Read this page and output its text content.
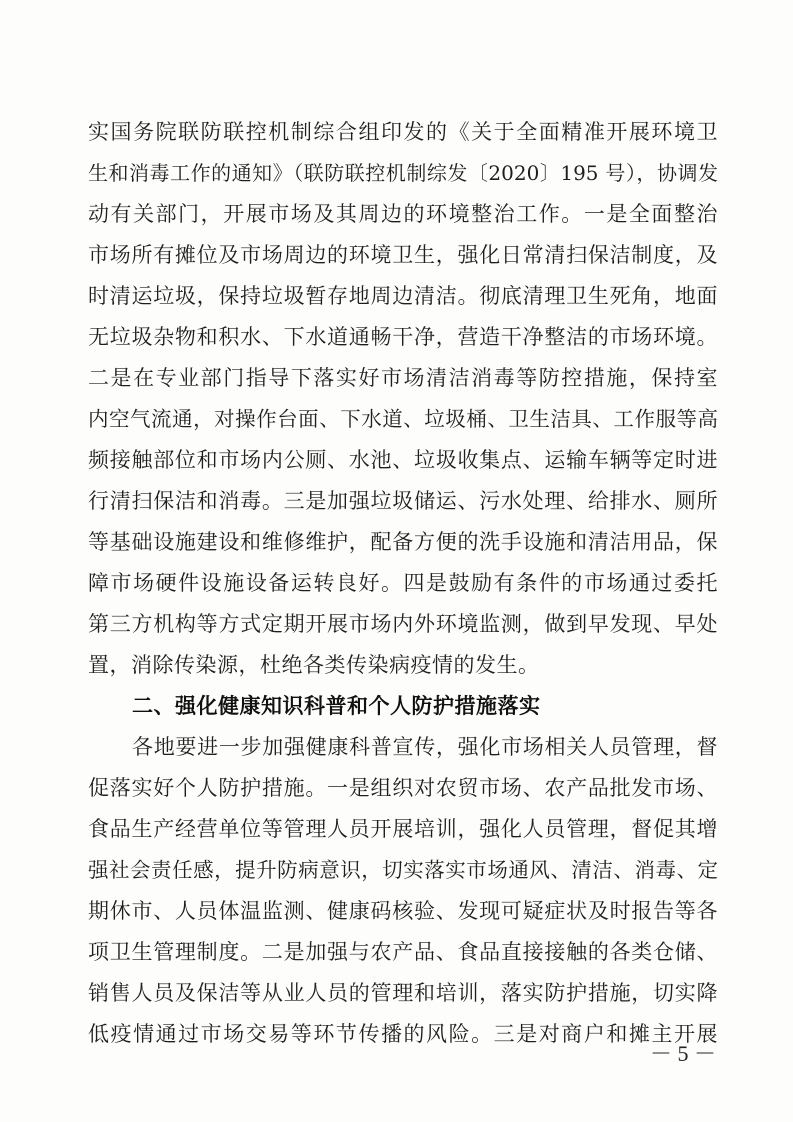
实国务院联防联控机制综合组印发的《关于全面精准开展环境卫
生和消毒工作的通知》（联防联控机制综发〔2020〕195 号），协调发
动有关部门，开展市场及其周边的环境整治工作。一是全面整治
市场所有摊位及市场周边的环境卫生，强化日常清扫保洁制度，及
时清运垃圾，保持垃圾暂存地周边清洁。彻底清理卫生死角，地面
无垃圾杂物和积水、下水道通畅干净，营造干净整洁的市场环境。
二是在专业部门指导下落实好市场清洁消毒等防控措施，保持室
内空气流通，对操作台面、下水道、垃圾桶、卫生洁具、工作服等高
频接触部位和市场内公厕、水池、垃圾收集点、运输车辆等定时进
行清扫保洁和消毒。三是加强垃圾储运、污水处理、给排水、厕所
等基础设施建设和维修维护，配备方便的洗手设施和清洁用品，保
障市场硬件设施设备运转良好。四是鼓励有条件的市场通过委托
第三方机构等方式定期开展市场内外环境监测，做到早发现、早处
置，消除传染源，杜绝各类传染病疫情的发生。
二、强化健康知识科普和个人防护措施落实
各地要进一步加强健康科普宣传，强化市场相关人员管理，督
促落实好个人防护措施。一是组织对农贸市场、农产品批发市场、
食品生产经营单位等管理人员开展培训，强化人员管理，督促其增
强社会责任感，提升防病意识，切实落实市场通风、清洁、消毒、定
期休市、人员体温监测、健康码核验、发现可疑症状及时报告等各
项卫生管理制度。二是加强与农产品、食品直接接触的各类仓储、
销售人员及保洁等从业人员的管理和培训，落实防护措施，切实降
低疫情通过市场交易等环节传播的风险。三是对商户和摊主开展
－ 5 －
